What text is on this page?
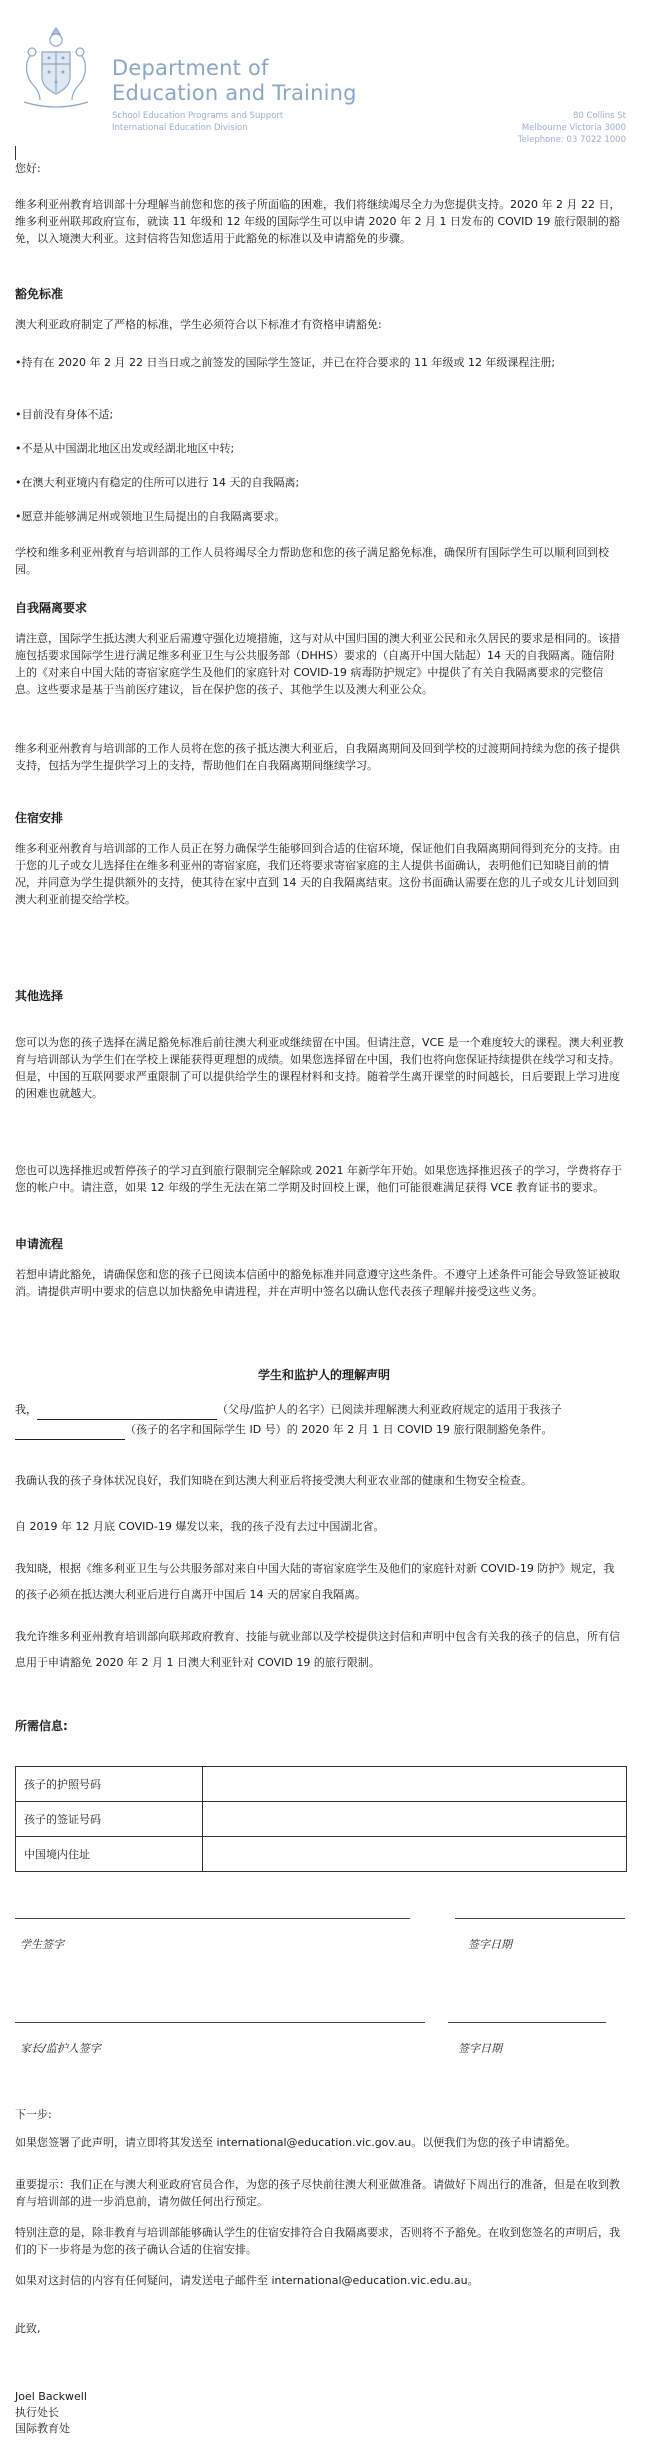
Department of
Education and Training
School Education Programs and Support
International Education Division
80 Collins St
Melbourne Victoria 3000
Telephone: 03 7022 1000

您好:

维多利亚州教育培训部十分理解当前您和您的孩子所面临的困难，我们将继续竭尽全力为您提供支持。2020 年 2 月 22 日，维多利亚州联邦政府宣布，就读 11 年级和 12 年级的国际学生可以申请 2020 年 2 月 1 日发布的 COVID 19 旅行限制的豁免，以入境澳大利亚。这封信将告知您适用于此豁免的标准以及申请豁免的步骤。

豁免标准

澳大利亚政府制定了严格的标准，学生必须符合以下标准才有资格申请豁免:

•持有在 2020 年 2 月 22 日当日或之前签发的国际学生签证，并已在符合要求的 11 年级或 12 年级课程注册;

•目前没有身体不适;

•不是从中国湖北地区出发或经湖北地区中转;

•在澳大利亚境内有稳定的住所可以进行 14 天的自我隔离;

•愿意并能够满足州或领地卫生局提出的自我隔离要求。

学校和维多利亚州教育与培训部的工作人员将竭尽全力帮助您和您的孩子满足豁免标准，确保所有国际学生可以顺利回到校园。

自我隔离要求

请注意，国际学生抵达澳大利亚后需遵守强化边境措施，这与对从中国归国的澳大利亚公民和永久居民的要求是相同的。该措施包括要求国际学生进行满足维多利亚卫生与公共服务部（DHHS）要求的（自离开中国大陆起）14 天的自我隔离。随信附上的《对来自中国大陆的寄宿家庭学生及他们的家庭针对 COVID-19 病毒防护规定》中提供了有关自我隔离要求的完整信息。这些要求是基于当前医疗建议，旨在保护您的孩子、其他学生以及澳大利亚公众。

维多利亚州教育与培训部的工作人员将在您的孩子抵达澳大利亚后，自我隔离期间及回到学校的过渡期间持续为您的孩子提供支持，包括为学生提供学习上的支持，帮助他们在自我隔离期间继续学习。

住宿安排

维多利亚州教育与培训部的工作人员正在努力确保学生能够回到合适的住宿环境，保证他们自我隔离期间得到充分的支持。由于您的儿子或女儿选择住在维多利亚州的寄宿家庭，我们还将要求寄宿家庭的主人提供书面确认，表明他们已知晓目前的情况，并同意为学生提供额外的支持，使其待在家中直到 14 天的自我隔离结束。这份书面确认需要在您的儿子或女儿计划回到澳大利亚前提交给学校。

其他选择

您可以为您的孩子选择在满足豁免标准后前往澳大利亚或继续留在中国。但请注意，VCE 是一个难度较大的课程。澳大利亚教育与培训部认为学生们在学校上课能获得更理想的成绩。如果您选择留在中国，我们也将向您保证持续提供在线学习和支持。但是，中国的互联网要求严重限制了可以提供给学生的课程材料和支持。随着学生离开课堂的时间越长，日后要跟上学习进度的困难也就越大。

您也可以选择推迟或暂停孩子的学习直到旅行限制完全解除或 2021 年新学年开始。如果您选择推迟孩子的学习，学费将存于您的帐户中。请注意，如果 12 年级的学生无法在第二学期及时回校上课，他们可能很难满足获得 VCE 教育证书的要求。

申请流程

若想申请此豁免，请确保您和您的孩子已阅读本信函中的豁免标准并同意遵守这些条件。不遵守上述条件可能会导致签证被取消。请提供声明中要求的信息以加快豁免申请进程，并在声明中签名以确认您代表孩子理解并接受这些义务。

学生和监护人的理解声明

我，	（父母/监护人的名字）已阅读并理解澳大利亚政府规定的适用于我孩子 （孩子的名字和国际学生 ID 号）的 2020 年 2 月 1 日 COVID 19 旅行限制豁免条件。

我确认我的孩子身体状况良好，我们知晓在到达澳大利亚后将接受澳大利亚农业部的健康和生物安全检查。

自 2019 年 12 月底 COVID-19 爆发以来，我的孩子没有去过中国湖北省。

我知晓，根据《维多利亚卫生与公共服务部对来自中国大陆的寄宿家庭学生及他们的家庭针对新 COVID-19 防护》规定，我的孩子必须在抵达澳大利亚后进行自离开中国后 14 天的居家自我隔离。

我允许维多利亚州教育培训部向联邦政府教育、技能与就业部以及学校提供这封信和声明中包含有关我的孩子的信息，所有信息用于申请豁免 2020 年 2 月 1 日澳大利亚针对 COVID 19 的旅行限制。

所需信息:

孩子的护照号码	
孩子的签证号码	
中国境内住址	
学生签字	签字日期
家长/监护人签字	签字日期

下一步:

如果您签署了此声明，请立即将其发送至 international@education.vic.gov.au。以便我们为您的孩子申请豁免。

重要提示：我们正在与澳大利亚政府官员合作，为您的孩子尽快前往澳大利亚做准备。请做好下周出行的准备，但是在收到教育与培训部的进一步消息前，请勿做任何出行预定。

特别注意的是，除非教育与培训部能够确认学生的住宿安排符合自我隔离要求，否则将不予豁免。在收到您签名的声明后，我们的下一步将是为您的孩子确认合适的住宿安排。

如果对这封信的内容有任何疑问，请发送电子邮件至 international@education.vic.edu.au。

此致,

Joel Backwell

执行处长

国际教育处
